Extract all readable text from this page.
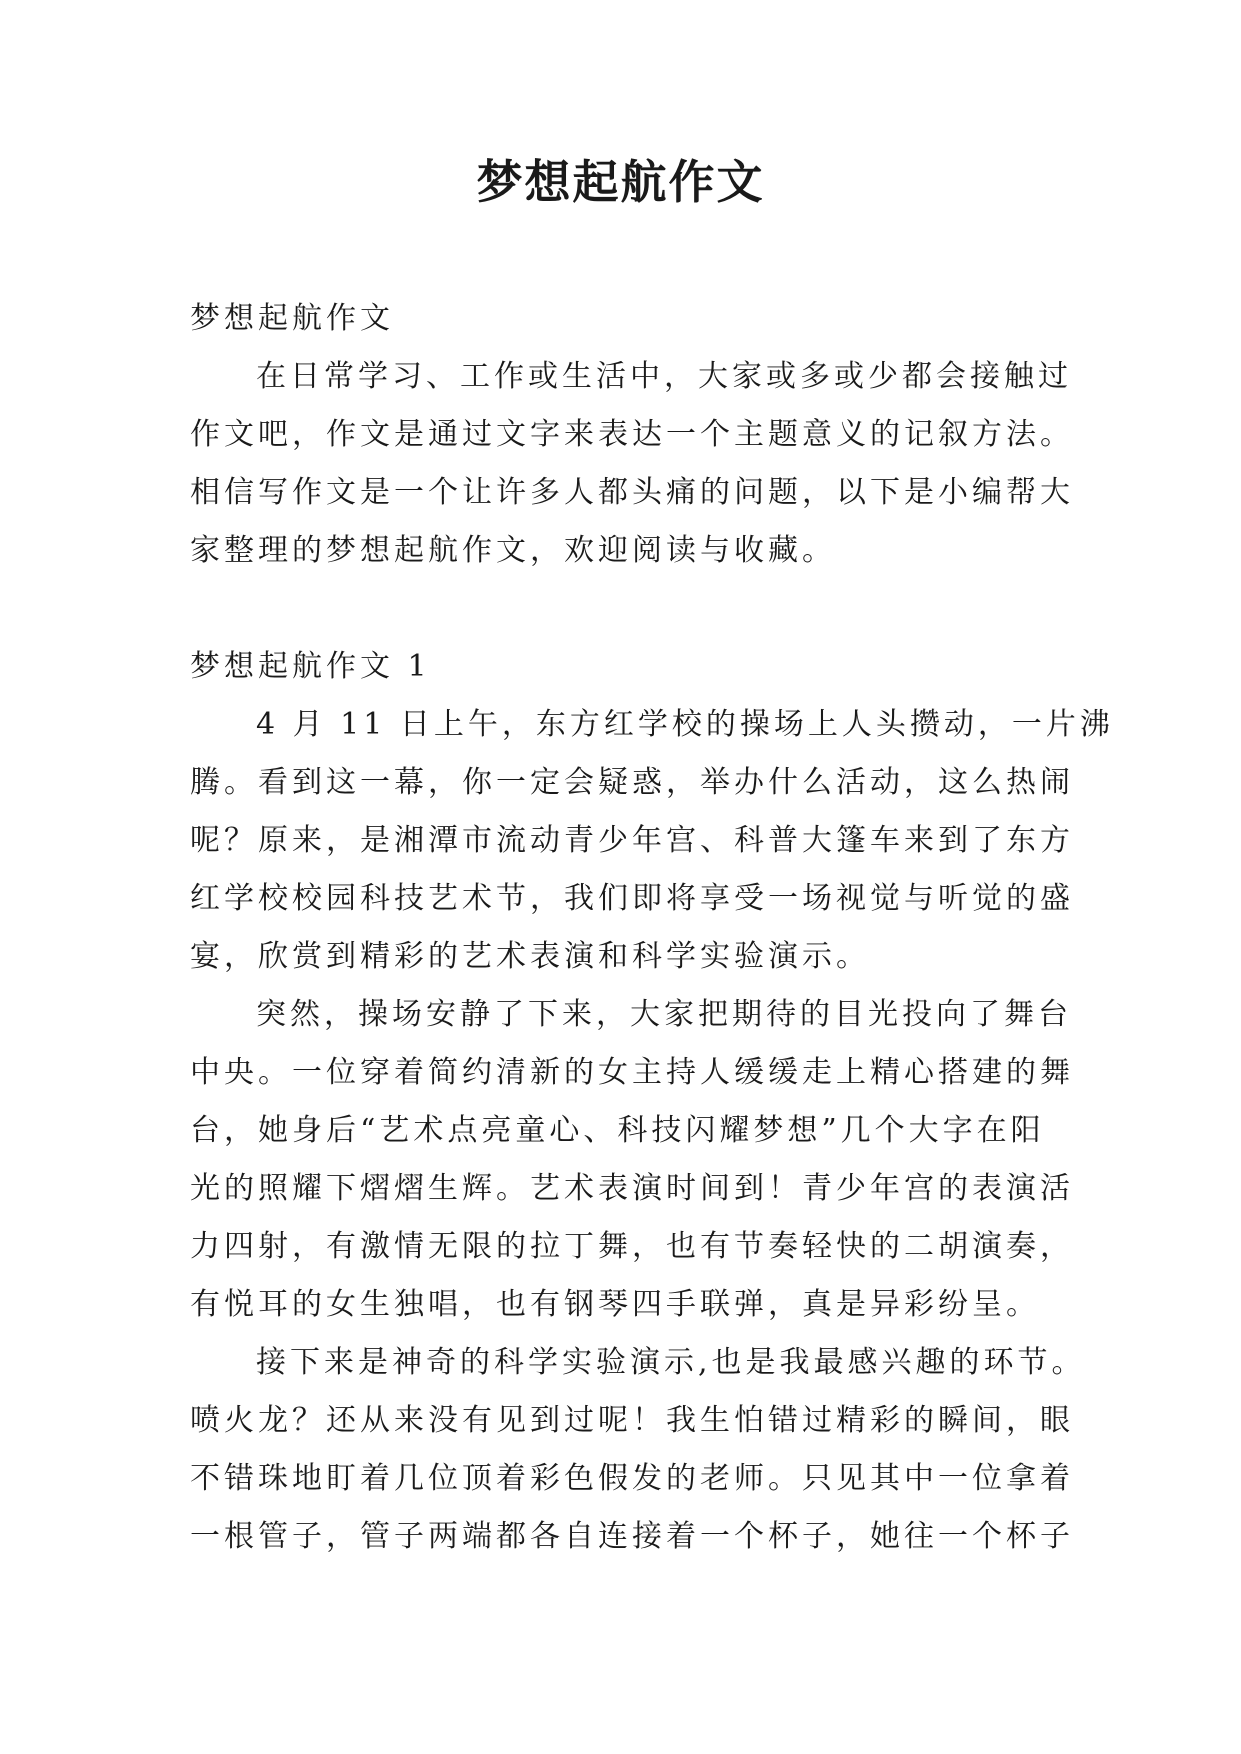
梦想起航作文

梦想起航作文

在日常学习、工作或生活中，大家或多或少都会接触过
作文吧，作文是通过文字来表达一个主题意义的记叙方法。
相信写作文是一个让许多人都头痛的问题，以下是小编帮大
家整理的梦想起航作文，欢迎阅读与收藏。

梦想起航作文 1

4 月 11 日上午，东方红学校的操场上人头攒动，一片沸
腾。看到这一幕，你一定会疑惑，举办什么活动，这么热闹
呢？原来，是湘潭市流动青少年宫、科普大篷车来到了东方
红学校校园科技艺术节，我们即将享受一场视觉与听觉的盛
宴，欣赏到精彩的艺术表演和科学实验演示。

突然，操场安静了下来，大家把期待的目光投向了舞台
中央。一位穿着简约清新的女主持人缓缓走上精心搭建的舞
台，她身后“艺术点亮童心、科技闪耀梦想”几个大字在阳
光的照耀下熠熠生辉。艺术表演时间到！青少年宫的表演活
力四射，有激情无限的拉丁舞，也有节奏轻快的二胡演奏，
有悦耳的女生独唱，也有钢琴四手联弹，真是异彩纷呈。

接下来是神奇的科学实验演示,也是我最感兴趣的环节。
喷火龙？还从来没有见到过呢！我生怕错过精彩的瞬间，眼
不错珠地盯着几位顶着彩色假发的老师。只见其中一位拿着
一根管子，管子两端都各自连接着一个杯子，她往一个杯子
